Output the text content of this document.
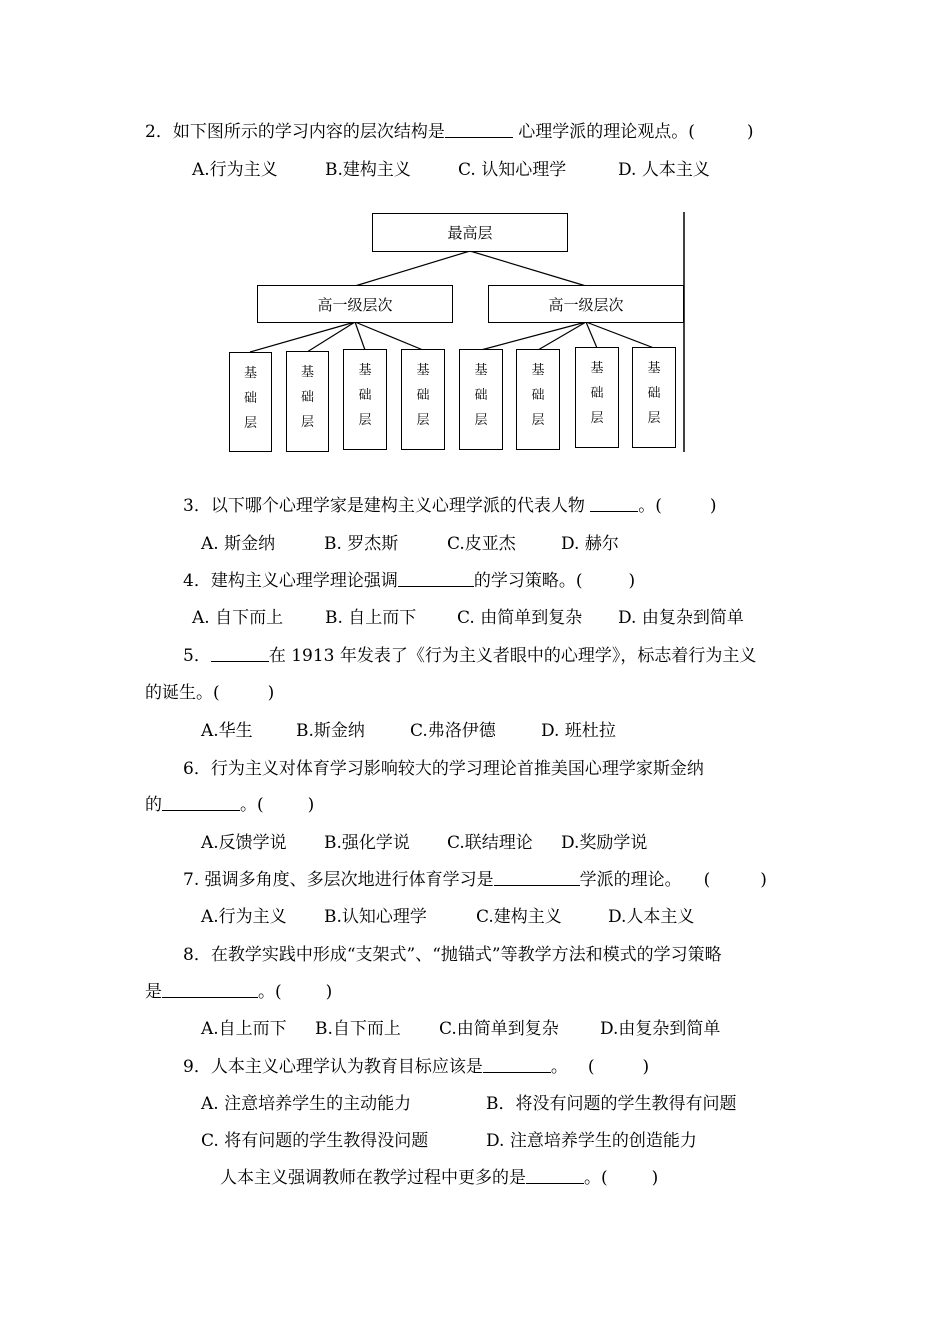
2．如下图所示的学习内容的层次结构是	心理学派的理论观点。(	)
A.行为主义	B.建构主义	C. 认知心理学	D. 人本主义
最高层
高一级层次	高一级层次
基
础
层
基
础
层
基
础
层
基
础
层
基
础
层
基
础
层
基
础
层
基
础
层
3．以下哪个心理学家是建构主义心理学派的代表人物	。(	)
A. 斯金纳	B. 罗杰斯	C.皮亚杰	D. 赫尔
4．建构主义心理学理论强调	的学习策略。(	)
A. 自下而上 B. 自上而下 C. 由简单到复杂 D. 由复杂到简单
5．	在 1913 年发表了《行为主义者眼中的心理学》，标志着行为主义
的诞生。(	)
A.华生	B.斯金纳	C.弗洛伊德	D. 班杜拉
6．行为主义对体育学习影响较大的学习理论首推美国心理学家斯金纳
的	。(	)
A.反馈学说 B.强化学说 C.联结理论 D.奖励学说
7. 强调多角度、多层次地进行体育学习是	学派的理论。 (	)
A.行为主义 B.认知心理学	C.建构主义	D.人本主义
8．在教学实践中形成“支架式”、“抛锚式”等教学方法和模式的学习策略
是	。(	)
A.自上而下 B.自下而上 C.由简单到复杂 D.由复杂到简单
9．人本主义心理学认为教育目标应该是	。 (	)
A. 注意培养学生的主动能力	B．将没有问题的学生教得有问题
C. 将有问题的学生教得没问题	D. 注意培养学生的创造能力
人本主义强调教师在教学过程中更多的是	。(	)
